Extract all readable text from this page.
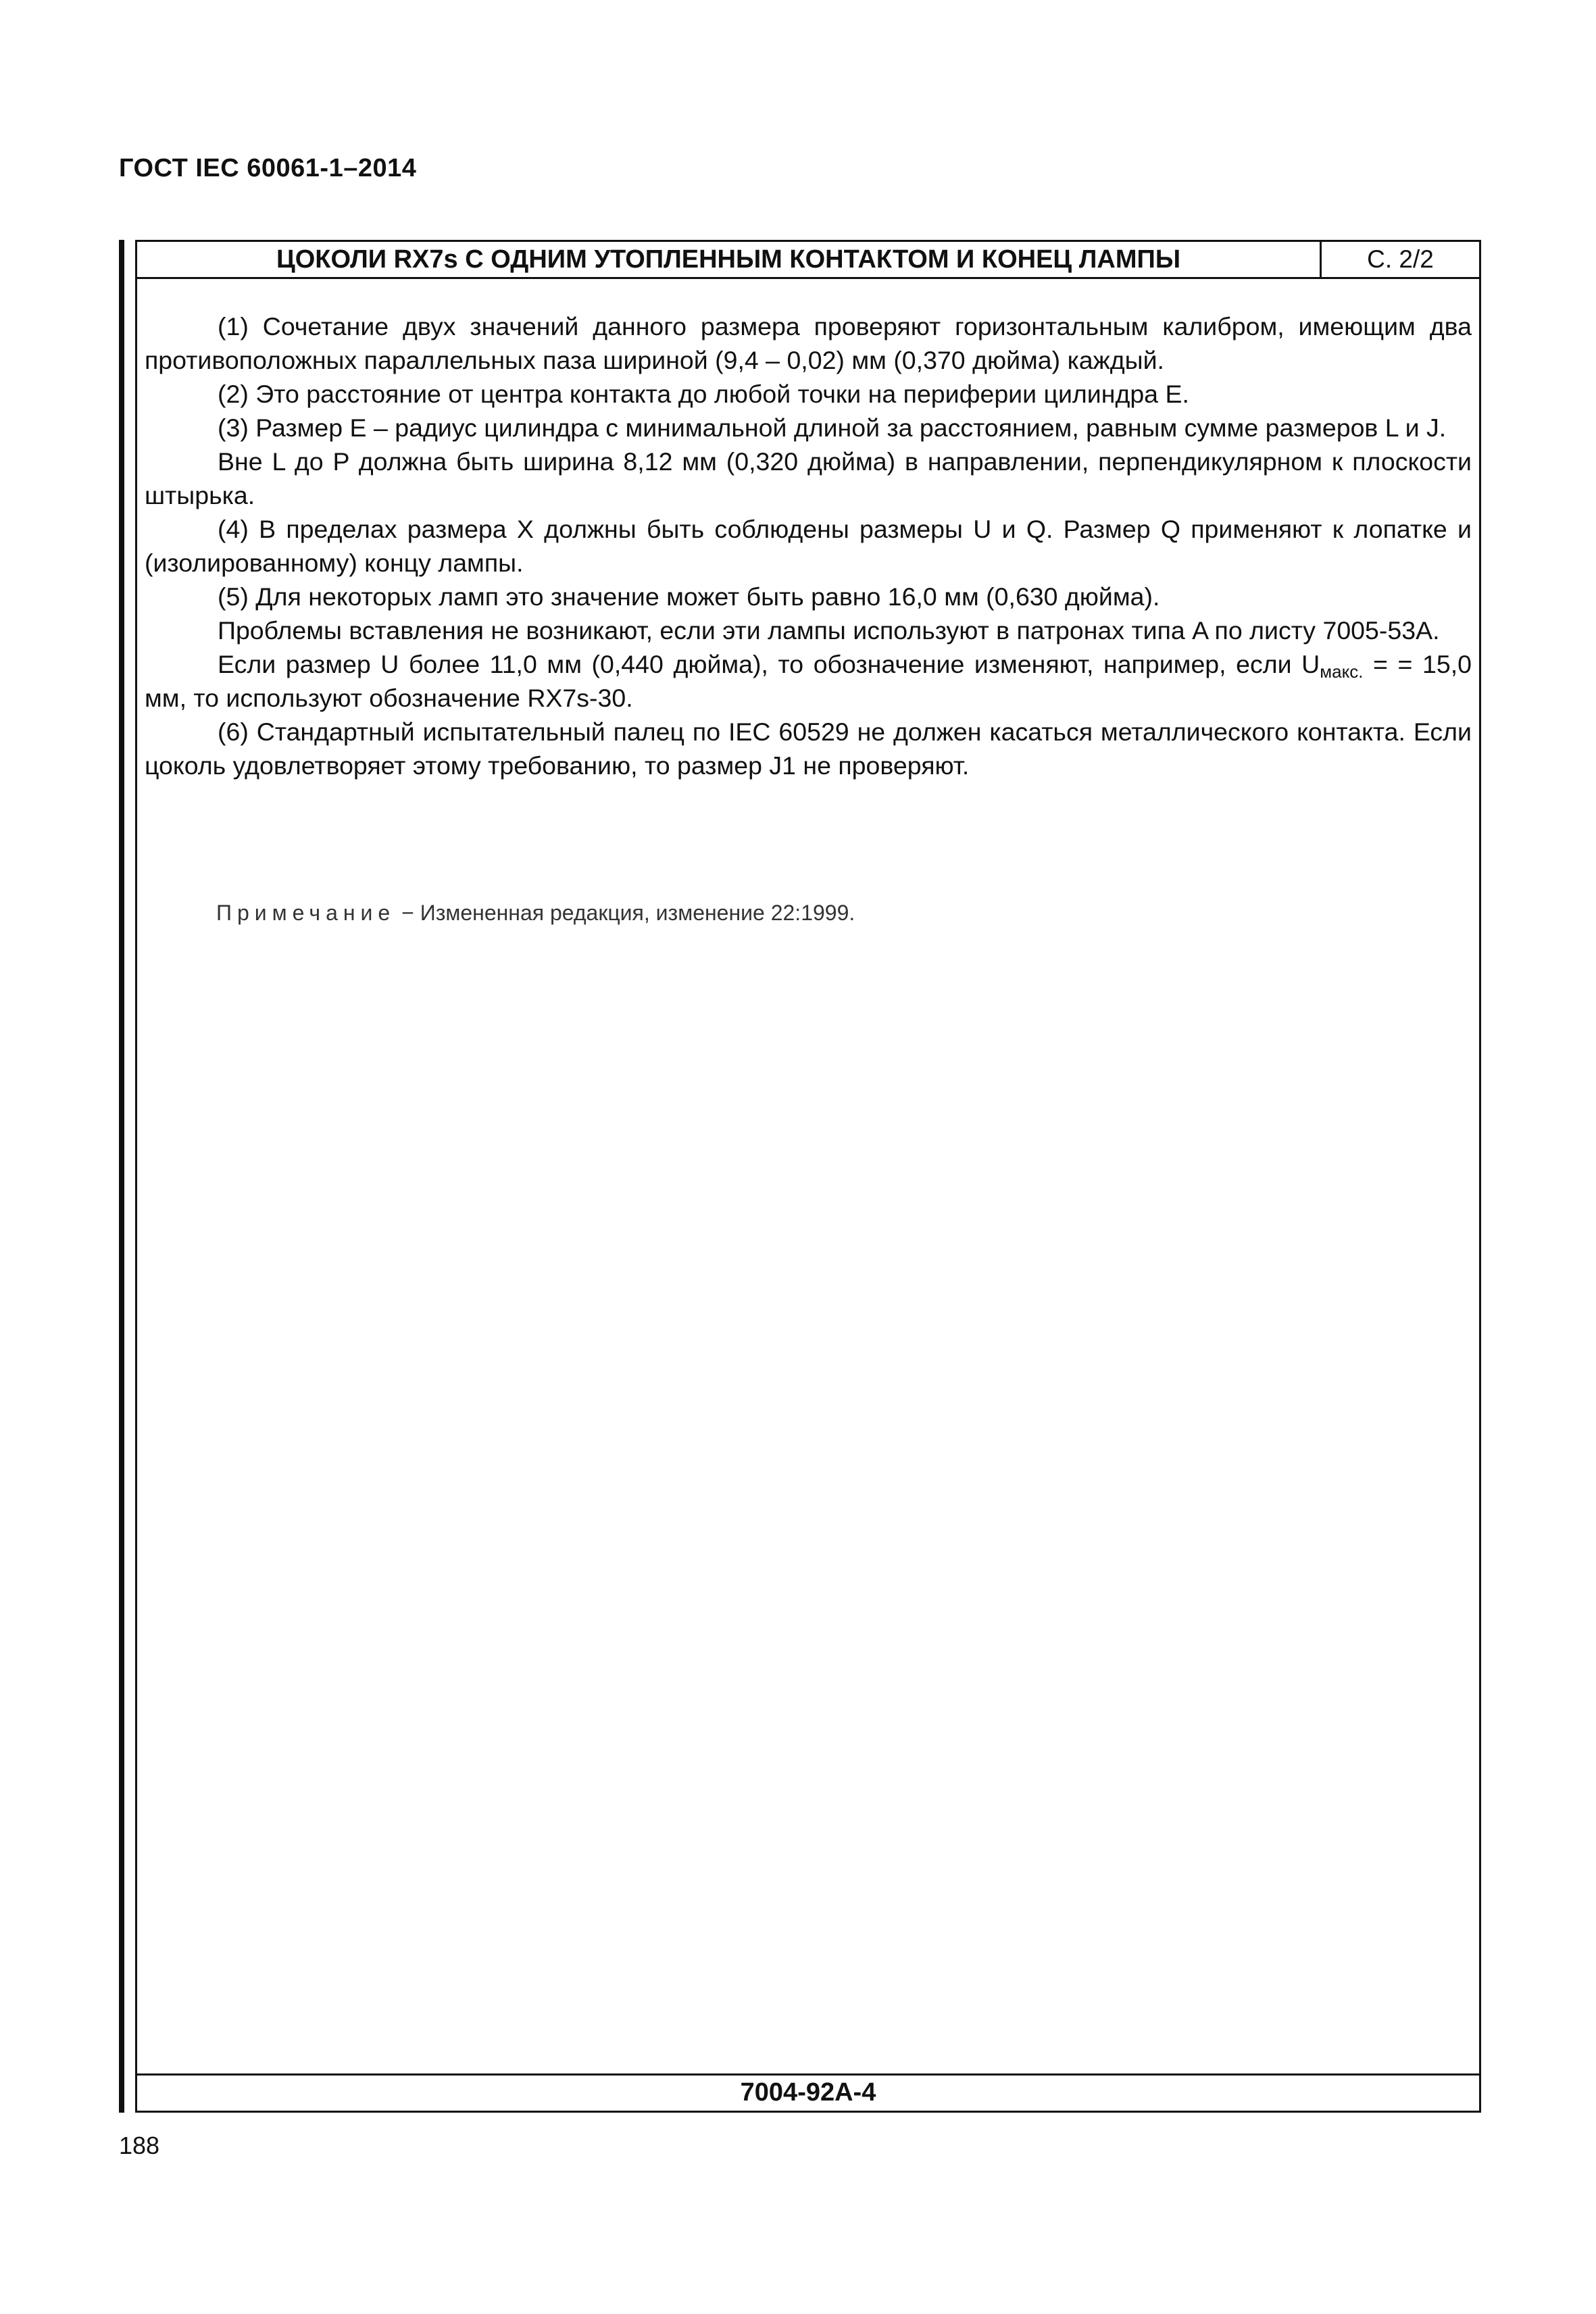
ГОСТ IEC 60061-1–2014
ЦОКОЛИ RX7s С ОДНИМ УТОПЛЕННЫМ КОНТАКТОМ И КОНЕЦ ЛАМПЫ	С. 2/2

(1) Сочетание двух значений данного размера проверяют горизонтальным калибром, имеющим два противоположных параллельных паза шириной (9,4 – 0,02) мм (0,370 дюйма) каждый.

(2) Это расстояние от центра контакта до любой точки на периферии цилиндра E.

(3) Размер E – радиус цилиндра с минимальной длиной за расстоянием, равным сумме размеров L и J.

Вне L до P должна быть ширина 8,12 мм (0,320 дюйма) в направлении, перпендикулярном к плоскости штырька.

(4) В пределах размера X должны быть соблюдены размеры U и Q. Размер Q применяют к лопатке и (изолированному) концу лампы.

(5) Для некоторых ламп это значение может быть равно 16,0 мм (0,630 дюйма).

Проблемы вставления не возникают, если эти лампы используют в патронах типа A по листу 7005-53A.

Если размер U более 11,0 мм (0,440 дюйма), то обозначение изменяют, например, если $U_{макс.}$ = = 15,0 мм, то используют обозначение RX7s-30.

(6) Стандартный испытательный палец по IEC 60529 не должен касаться металлического контакта. Если цоколь удовлетворяет этому требованию, то размер J1 не проверяют.

Примечание − Измененная редакция, изменение 22:1999.
7004-92A-4
188
